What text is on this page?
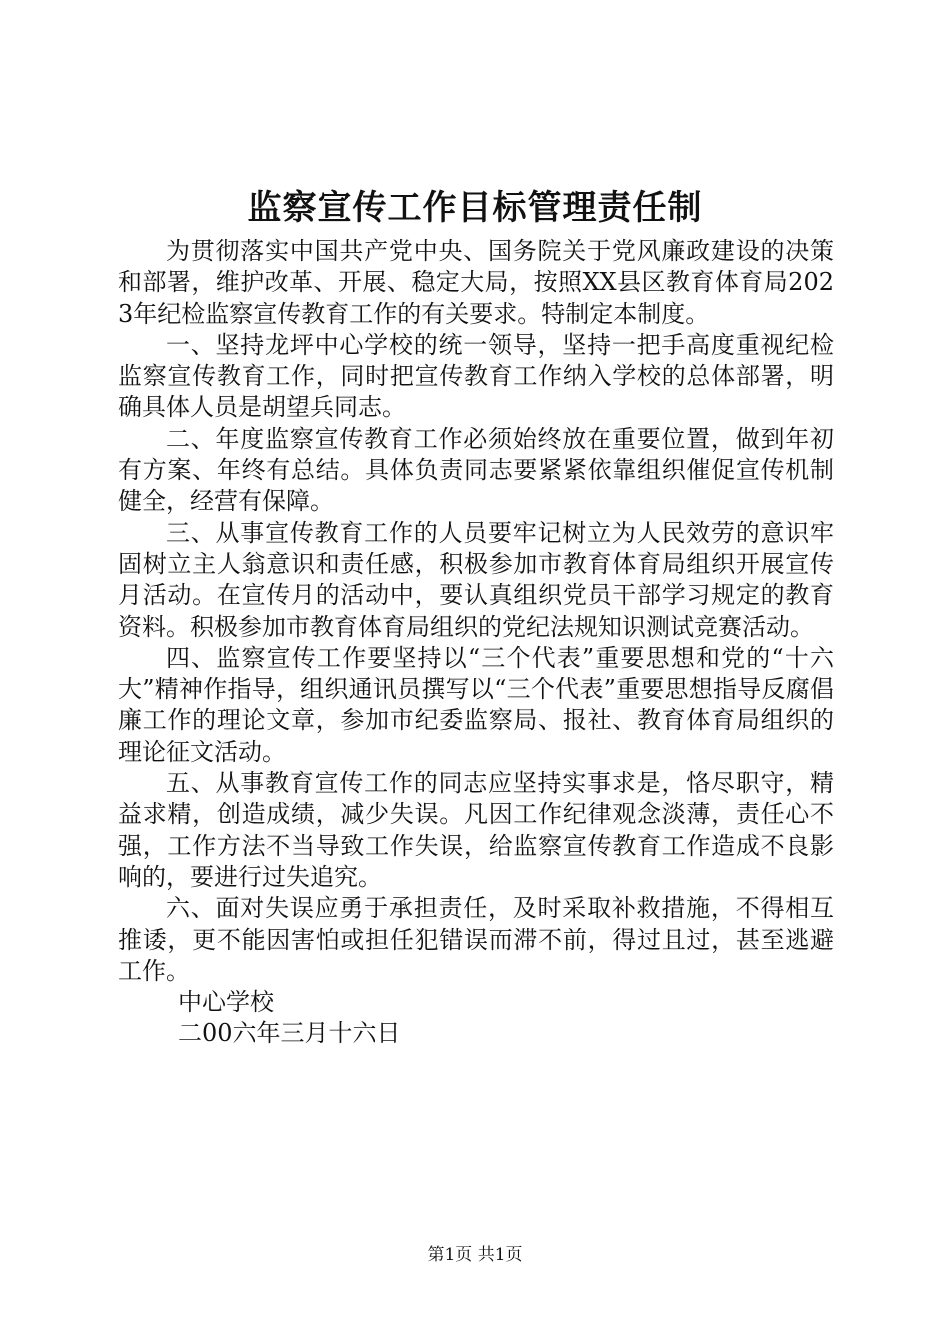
监察宣传工作目标管理责任制

为贯彻落实中国共产党中央、国务院关于党风廉政建设的决策和部署，维护改革、开展、稳定大局，按照XX县区教育体育局2023年纪检监察宣传教育工作的有关要求。特制定本制度。

一、坚持龙坪中心学校的统一领导，坚持一把手高度重视纪检监察宣传教育工作，同时把宣传教育工作纳入学校的总体部署，明确具体人员是胡望兵同志。

二、年度监察宣传教育工作必须始终放在重要位置，做到年初有方案、年终有总结。具体负责同志要紧紧依靠组织催促宣传机制健全，经营有保障。

三、从事宣传教育工作的人员要牢记树立为人民效劳的意识牢固树立主人翁意识和责任感，积极参加市教育体育局组织开展宣传月活动。在宣传月的活动中，要认真组织党员干部学习规定的教育资料。积极参加市教育体育局组织的党纪法规知识测试竞赛活动。

四、监察宣传工作要坚持以“三个代表”重要思想和党的“十六大”精神作指导，组织通讯员撰写以“三个代表”重要思想指导反腐倡廉工作的理论文章，参加市纪委监察局、报社、教育体育局组织的理论征文活动。

五、从事教育宣传工作的同志应坚持实事求是，恪尽职守，精益求精，创造成绩，减少失误。凡因工作纪律观念淡薄，责任心不强，工作方法不当导致工作失误，给监察宣传教育工作造成不良影响的，要进行过失追究。

六、面对失误应勇于承担责任，及时采取补救措施，不得相互推诿，更不能因害怕或担任犯错误而滞不前，得过且过，甚至逃避工作。

中心学校

二00六年三月十六日

第1页 共1页
